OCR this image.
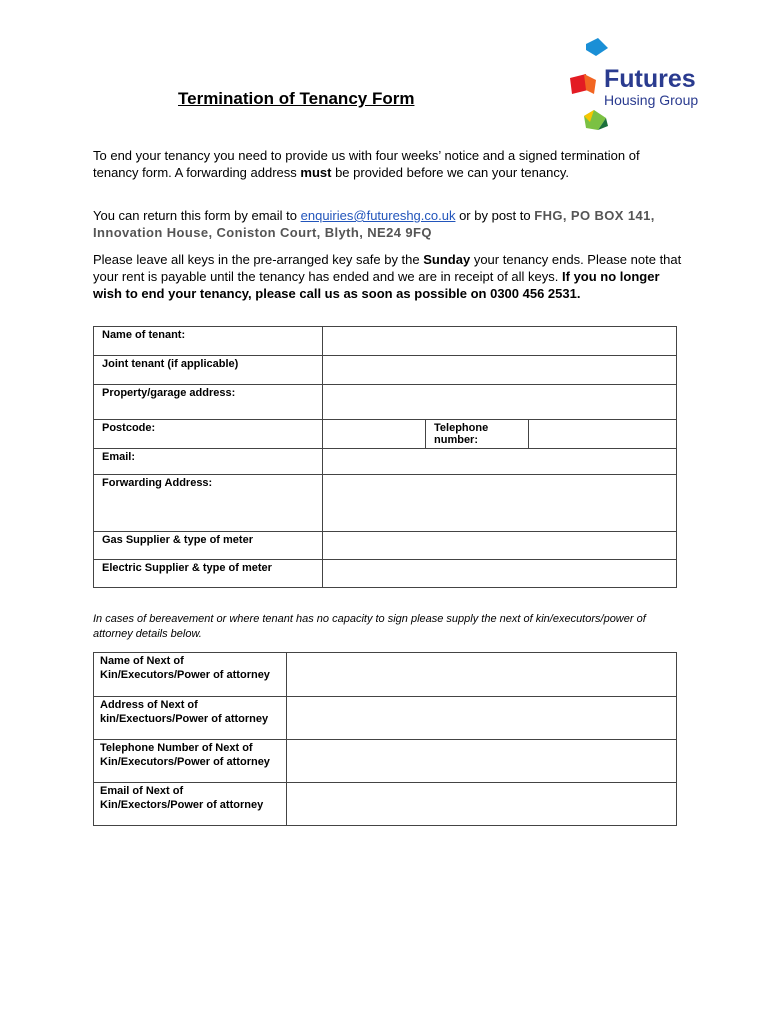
Termination of Tenancy Form
Futures
Housing Group
To end your tenancy you need to provide us with four weeks’ notice and a signed termination of tenancy form. A forwarding address must be provided before we can your tenancy.
You can return this form by email to enquiries@futureshg.co.uk or by post to FHG, PO BOX 141, Innovation House, Coniston Court, Blyth, NE24 9FQ
Please leave all keys in the pre-arranged key safe by the Sunday your tenancy ends. Please note that your rent is payable until the tenancy has ended and we are in receipt of all keys. If you no longer wish to end your tenancy, please call us as soon as possible on 0300 456 2531.
Name of tenant:			
Joint tenant (if applicable)			
Property/garage address:			
Postcode:		Telephone number:	
Email:			
Forwarding Address:			
Gas Supplier & type of meter			
Electric Supplier & type of meter			
In cases of bereavement or where tenant has no capacity to sign please supply the next of kin/executors/power of attorney details below.
Name of Next of Kin/Executors/Power of attorney	
Address of Next of kin/Exectuors/Power of attorney	
Telephone Number of Next of Kin/Executors/Power of attorney	
Email of Next of Kin/Exectors/Power of attorney	
